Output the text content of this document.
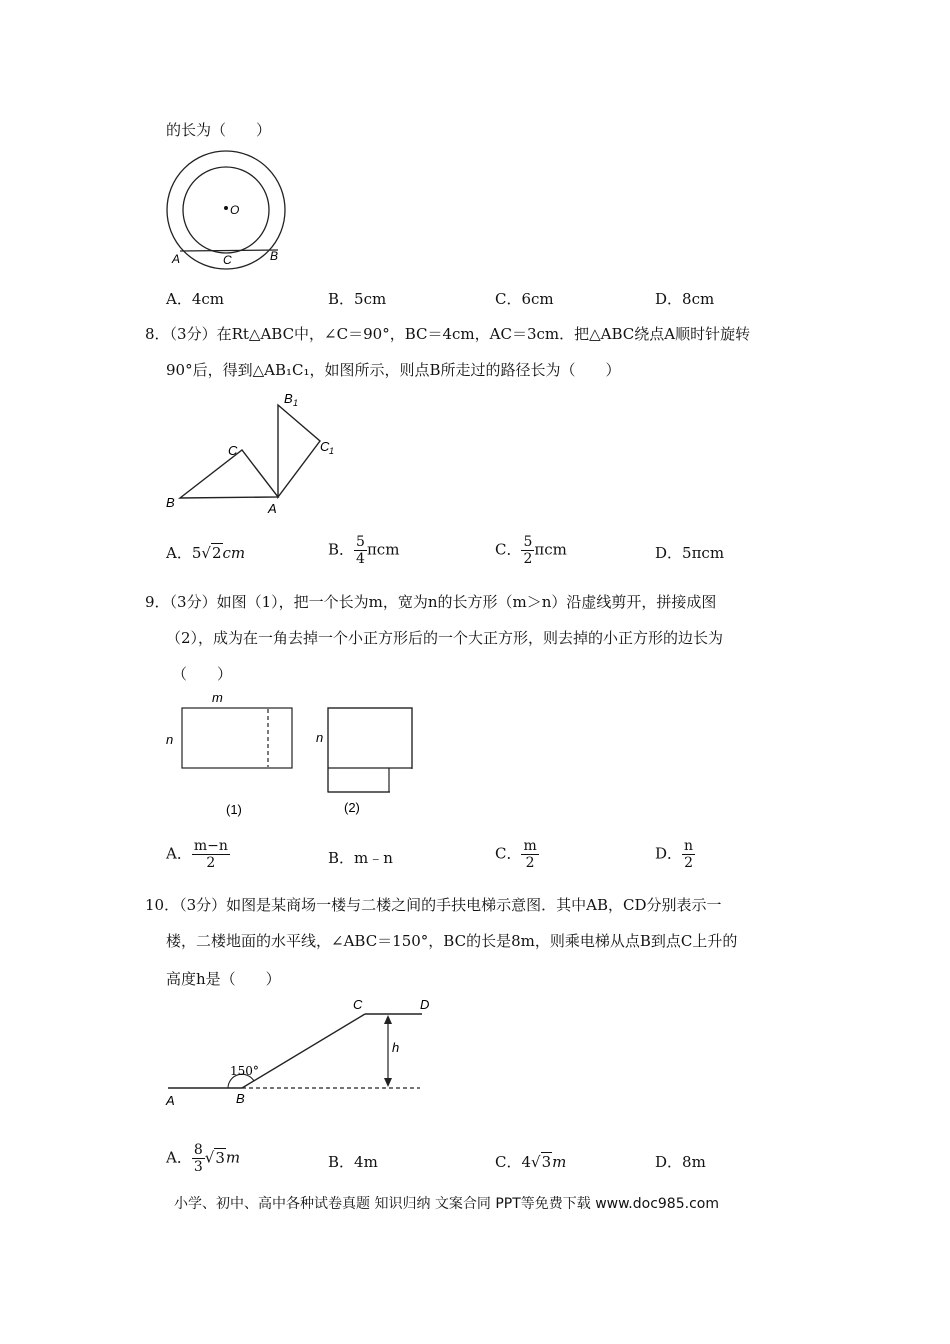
的长为（　　）
O
A	C	B
A．4cm	B．5cm	C．6cm	D．8cm
8．（3分）在Rt△ABC中，∠C＝90°，BC＝4cm，AC＝3cm．把△ABC绕点A顺时针旋转
90°后，得到△AB₁C₁，如图所示，则点B所走过的路径长为（　　）
B
C
A
B 1
C 1
A．5√2cm	B． $\frac{5}{4}$ πcm	C． $\frac{5}{2}$ πcm	D．5πcm
9．（3分）如图（1），把一个长为m，宽为n的长方形（m＞n）沿虚线剪开，拼接成图
（2），成为在一角去掉一个小正方形后的一个大正方形，则去掉的小正方形的边长为
（　　）
m
n
(1)
n
(2)
A． $\frac{m-n}{2}$	B．m﹣n	C． $\frac{m}{2}$	D． $\frac{n}{2}$
10．（3分）如图是某商场一楼与二楼之间的手扶电梯示意图．其中AB，CD分别表示一
楼，二楼地面的水平线，∠ABC＝150°，BC的长是8m，则乘电梯从点B到点C上升的
高度h是（　　）
A	B
C	D
h
150°
A． $\frac{8}{3} √3m$	B．4m	C．4√3m	D．8m
小学、初中、高中各种试卷真题 知识归纳 文案合同 PPT等免费下载 www.doc985.com
